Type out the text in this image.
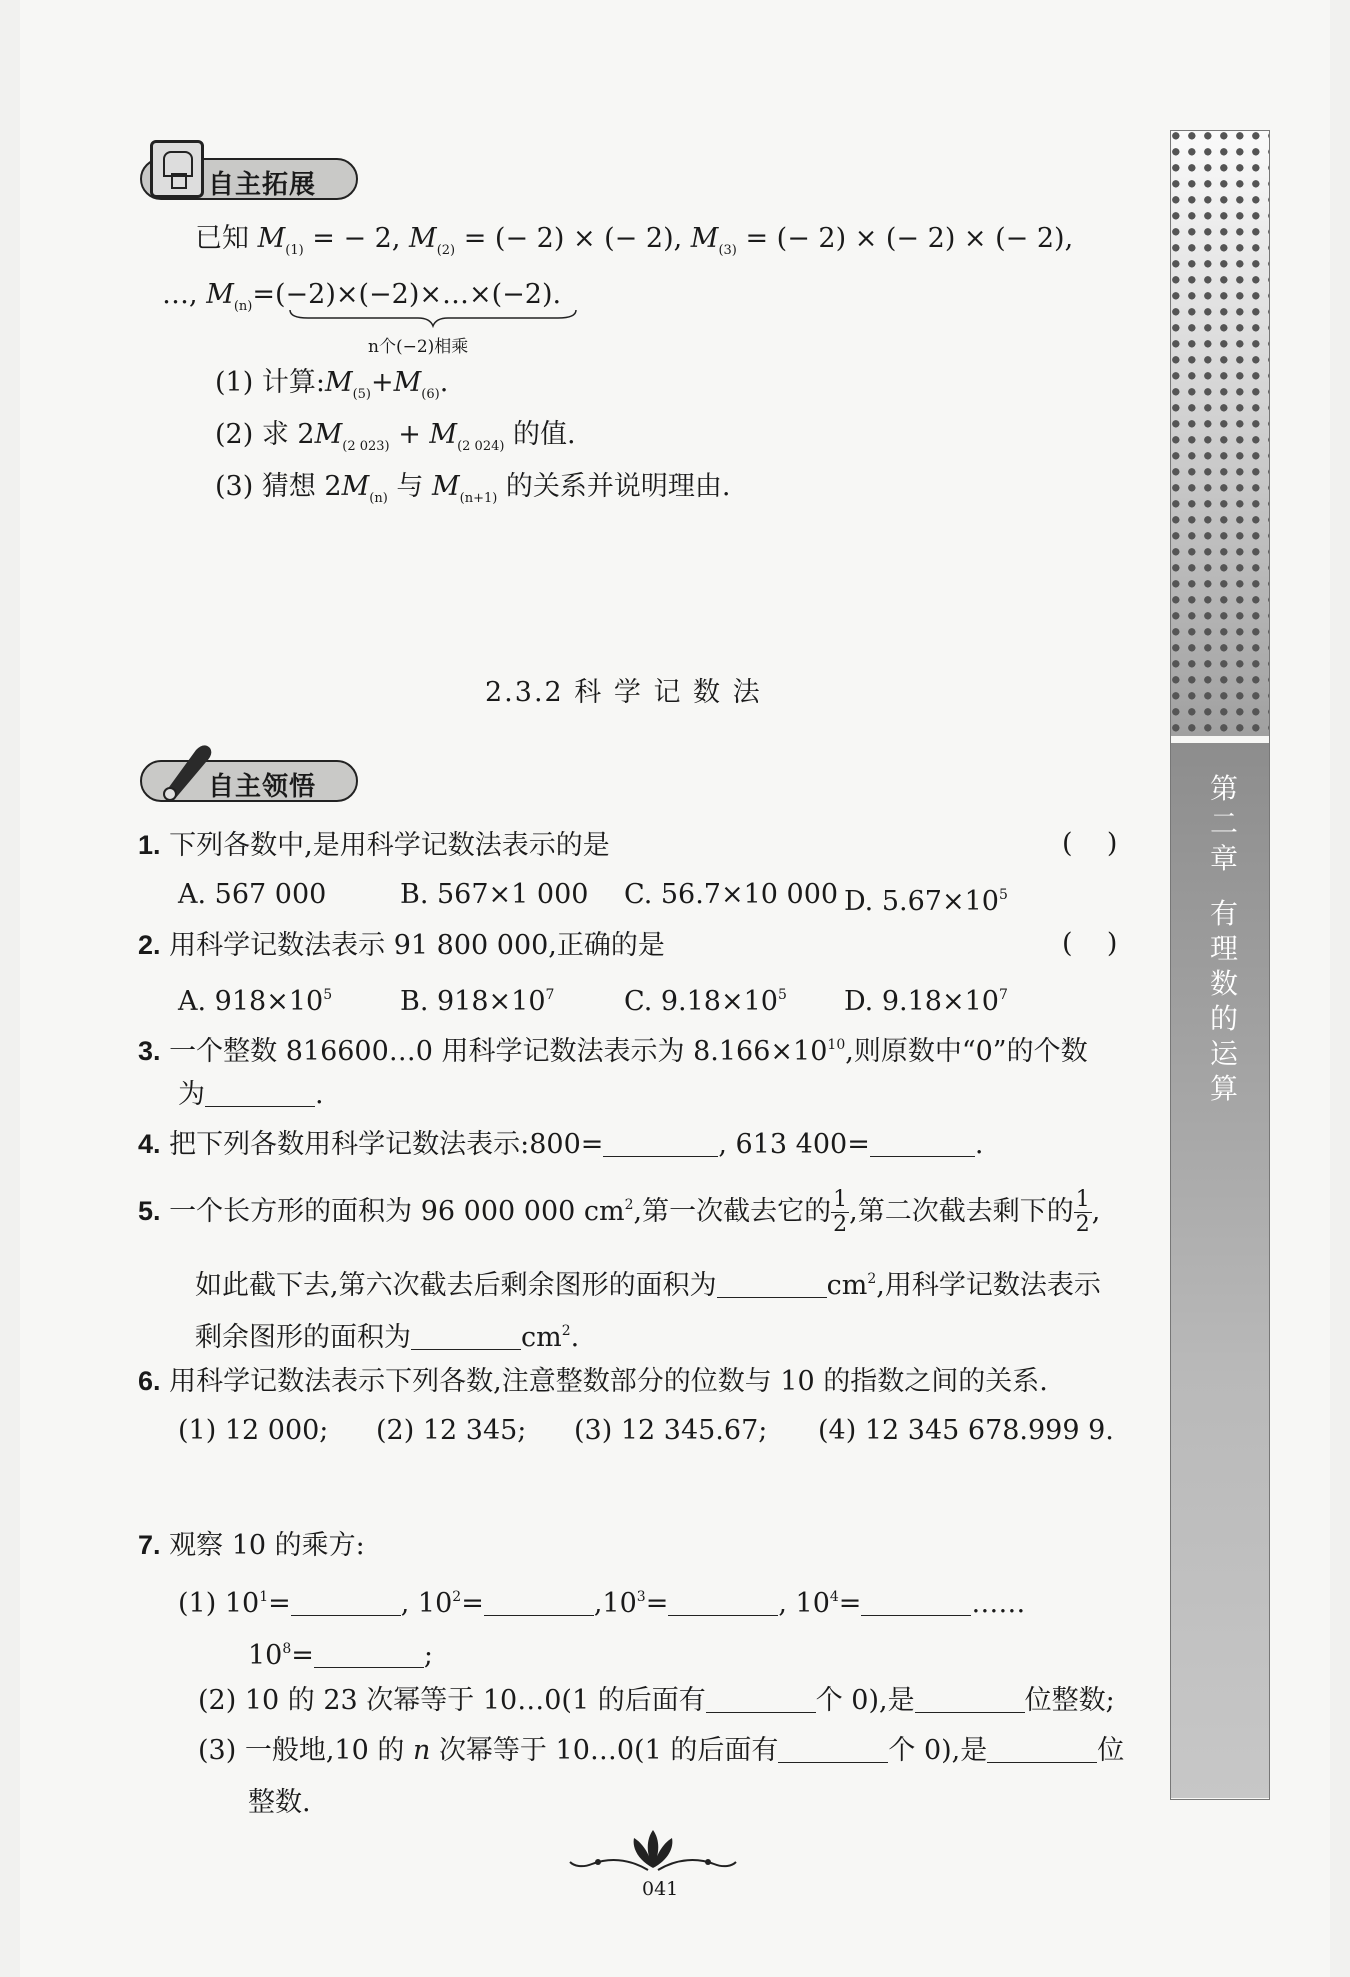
自主拓展
已知 $M_{(1)}$ = − 2, $M_{(2)}$ = (− 2) × (− 2), $M_{(3)}$ = (− 2) × (− 2) × (− 2),
…, $M_{(n)}=(-2)\times(-2)\times\dots\times(-2)$.
n个(−2)相乘
(1) 计算$:M_{(5)}+M_{(6)}$.
(2) 求 $2M_{(2 023)} + M_{(2 024)}$ 的值.
(3) 猜想 $2M_{(n)}$ 与 $M_{(n+1)}$ 的关系并说明理由.
2.3.2 科 学 记 数 法
自主领悟
1. 下列各数中,是用科学记数法表示的是	(    )
A. 567 000	B. 567×1 000 C. 56.7×10 000 D. $5.67\times 10^5$
2. 用科学记数法表示 91 800 000,正确的是	(    )
A. $918\times 10^5$	B. $918\times 10^7$	C. $9.18\times 10^5$ D. $9.18\times 10^7$
3. 一个整数 816600…0 用科学记数法表示为 $8.166\times 10^{10}$,则原数中“0”的个数
为	.
4. 把下列各数用科学记数法表示:800=	, 613 400=	.
5. 一个长方形的面积为 96 000 000 $cm^2$,第一次截去它的 $\frac{1}{2}$ ,第二次截去剩下的 $\frac{1}{2}$ ,
如此截下去,第六次截去后剩余图形的面积为	$cm^2$,用科学记数法表示
剩余图形的面积为	$cm^2$.
6. 用科学记数法表示下列各数,注意整数部分的位数与 10 的指数之间的关系.
(1) 12 000; (2) 12 345; (3) 12 345.67; (4) 12 345 678.999 9.
7. 观察 10 的乘方:
(1) $10^1=$	, $10^2=$	$,10^3=$	, $10^4=$	……
$10^8=$	;
(2) 10 的 23 次幂等于 10…0(1 的后面有	个 0),是	位整数;
(3) 一般地,10 的 n 次幂等于 10…0(1 的后面有	个 0),是	位
整数.
041
第
二
章
有
理
数
的
运
算
